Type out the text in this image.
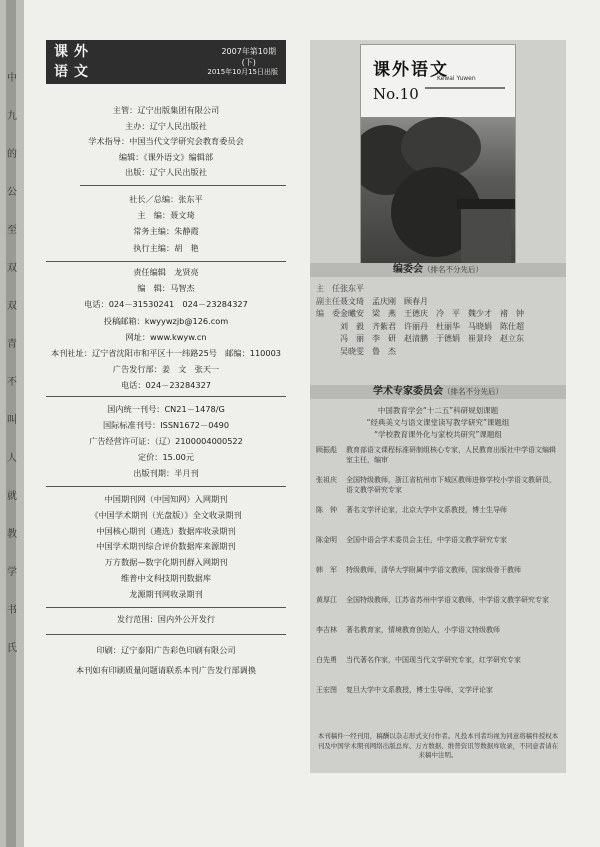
中
九
的
公
至
双
双
青
不
叫
人
就
教
学
书
氏
课外
语文
2007年第10期
(下)
2015年10月15日出版
主管：辽宁出版集团有限公司
主办：辽宁人民出版社
学术指导：中国当代文学研究会教育委员会
编辑：《课外语文》编辑部
出版：辽宁人民出版社
社长／总编：张东平
主　编：聂文琦
常务主编：朱静霞
执行主编：胡　艳
责任编辑　龙贤亮
编　辑：马智杰
电话：024－31530241　024－23284327
投稿邮箱：kwyywzjb@126.com
网址：www.kwyw.cn
本刊社址：辽宁省沈阳市和平区十一纬路25号　邮编：110003
广告发行部：姜　文　张天一
电话：024－23284327
国内统一刊号：CN21－1478/G
国际标准刊号：ISSN1672－0490
广告经营许可证：（辽）2100004000522
定价：15.00元
出版刊期：半月刊
中国期刊网（中国知网）入网期刊
《中国学术期刊（光盘版）》全文收录期刊
中国核心期刊（遴选）数据库收录期刊
中国学术期刊综合评价数据库来源期刊
万方数据—数字化期刊群入网期刊
维普中文科技期刊数据库
龙源期刊网收录期刊
发行范围：国内外公开发行
印刷：辽宁泰阳广告彩色印刷有限公司
本刊如有印刷质量问题请联系本刊广告发行部调换
课外语文
Kewai Yuwen
No.10
编委会（排名不分先后）
主　任张东平
副主任聂文琦　孟庆刚　顾春月
编　委金曦安　梁　燕　王德庆　冷　平　魏少才　褚　钟
刘　毅　齐紫君　许丽丹　杜丽华　马晓娟　陈仕超
冯　丽　李　研　赵清鹏　于德娟　崔景玲　赵立东
吴晓雯　鲁　杰
学术专家委员会（排名不分先后）
中国教育学会“十二五”科研规划课题
“经典美文与语文课堂读写教学研究”课题组
“学校教育课外化与家校共研究”课题组
顾振彪 教育部语文课程标准研制组核心专家，人民教育出版社中学语文编辑室主任，编审
张祖庆 全国特级教师，浙江省杭州市下城区教师进修学校小学语文教研员，语文教学研究专家
陈　钟 著名文学评论家，北京大学中文系教授，博士生导师
陈金明 全国中语会学术委员会主任，中学语文教学研究专家
韩　军 特级教师，清华大学附属中学语文教师，国家级骨干教师
黄厚江 全国特级教师，江苏省苏州中学语文教师，中学语文教学研究专家
李吉林 著名教育家，情境教育创始人，小学语文特级教师
白先勇 当代著名作家，中国现当代文学研究专家，红学研究专家
王宏图 复旦大学中文系教授，博士生导师，文学评论家
本刊稿件一经刊用，稿酬以杂志形式支付作者。凡投本刊者均视为同意将稿件授权本刊及中国学术期刊网络出版总库、万方数据、维普资讯等数据库收录，不同意者请在来稿中注明。
